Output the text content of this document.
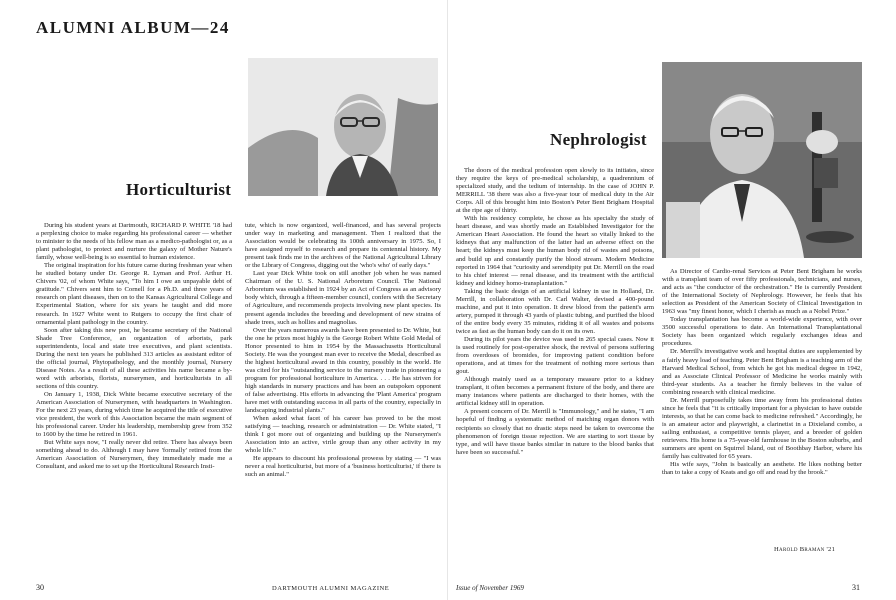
ALUMNI ALBUM—24
Horticulturist

During his student years at Dartmouth, RICHARD P. WHITE '18 had a perplexing choice to make regarding his professional career — whether to minister to the needs of his fellow man as a medico-pathologist or, as a plant pathologist, to protect and nurture the galaxy of Mother Nature's family, whose well-being is so essential to human existence.

The original inspiration for his future came during freshman year when he studied botany under Dr. George R. Lyman and Prof. Arthur H. Chivers '02, of whom White says, "To him I owe an unpayable debt of gratitude." Chivers sent him to Cornell for a Ph.D. and three years of research on plant diseases, then on to the Kansas Agricultural College and Experimental Station, where for six years he taught and did more research. In 1927 White went to Rutgers to occupy the first chair of ornamental plant pathology in the country.

Soon after taking this new post, he became secretary of the National Shade Tree Conference, an organization of arborists, park superintendents, local and state tree executives, and plant scientists. During the next ten years he published 313 articles as assistant editor of the official journal, Phytopathology, and the monthly journal, Nursery Disease Notes. As a result of all these activities his name became a by-word with arborists, florists, nurserymen, and horticulturists in all sections of this country.

On January 1, 1938, Dick White became executive secretary of the American Association of Nurserymen, with headquarters in Washington. For the next 23 years, during which time he acquired the title of executive vice president, the work of this Association became the main segment of his professional career. Under his leadership, membership grew from 352 to 1600 by the time he retired in 1961.

But White says now, "I really never did retire. There has always been something ahead to do. Although I may have 'formally' retired from the American Association of Nurserymen, they immediately made me a Consultant, and asked me to set up the Horticultural Research Insti-

tute, which is now organized, well-financed, and has several projects under way in marketing and management. Then I realized that the Association would be celebrating its 100th anniversary in 1975. So, I have assigned myself to research and prepare its centennial history. My present task finds me in the archives of the National Agricultural Library or the Library of Congress, digging out the 'who's who' of early days."

Last year Dick White took on still another job when he was named Chairman of the U. S. National Arboretum Council. The National Arboretum was established in 1924 by an Act of Congress as an advisory body which, through a fifteen-member council, confers with the Secretary of Agriculture, and recommends projects involving new plant species. Its present agenda includes the breeding and development of new strains of shade trees, such as hollies and magnolias.

Over the years numerous awards have been presented to Dr. White, but the one he prizes most highly is the George Robert White Gold Medal of Honor presented to him in 1954 by the Massachusetts Horticultural Society. He was the youngest man ever to receive the Medal, described as the highest horticultural award in this country, possibly in the world. He was cited for his "outstanding service to the nursery trade in pioneering a program for professional horticulture in America. . . . He has striven for high standards in nursery practices and has been an outspoken opponent of false advertising. His efforts in advancing the 'Plant America' program have met with outstanding success in all parts of the country, especially in landscaping industrial plants."

When asked what facet of his career has proved to be the most satisfying — teaching, research or administration — Dr. White stated, "I think I got more out of organizing and building up the Nurserymen's Association into an active, virile group than any other activity in my whole life."

He appears to discount his professional prowess by stating — "I was never a real horticulturist, but more of a 'business horticulturist,' if there is such an animal."

30	DARTMOUTH ALUMNI MAGAZINE
Nephrologist

The doors of the medical profession open slowly to its initiates, since they require the keys of pre-medical scholarship, a quadrennium of specialized study, and the tedium of internship. In the case of JOHN P. MERRILL '38 there was also a five-year tour of medical duty in the Air Corps. All of this brought him into Boston's Peter Bent Brigham Hospital at the ripe age of thirty.

With his residency complete, he chose as his specialty the study of heart disease, and was shortly made an Established Investigator for the American Heart Association. He found the heart so vitally linked to the kidneys that any malfunction of the latter had an adverse effect on the heart; the kidneys must keep the human body rid of wastes and poisons, and build up and constantly purify the blood stream. Modern Medicine reported in 1964 that "curiosity and serendipity put Dr. Merrill on the road to his chief interest — renal disease, and its treatment with the artificial kidney and kidney homo-transplantation."

Taking the basic design of an artificial kidney in use in Holland, Dr. Merrill, in collaboration with Dr. Carl Walter, devised a 400-pound machine, and put it into operation. It drew blood from the patient's arm artery, pumped it through 43 yards of plastic tubing, and purified the blood of the entire body every 35 minutes, ridding it of all wastes and poisons twice as fast as the human body can do it on its own.

During its pilot years the device was used in 265 special cases. Now it is used routinely for post-operative shock, the revival of persons suffering from overdoses of bromides, for improving patient condition before operations, and at times for the treatment of nothing more serious than gout.

Although mainly used as a temporary measure prior to a kidney transplant, it often becomes a permanent fixture of the body, and there are many instances where patients are discharged to their homes, with the artificial kidney still in operation.

A present concern of Dr. Merrill is "Immunology," and he states, "I am hopeful of finding a systematic method of matching organ donors with recipients so closely that no drastic steps need be taken to overcome the phenomenon of foreign tissue rejection. We are starting to sort tissue by type, and will have tissue banks similar in nature to the blood banks that have been so successful."

As Director of Cardio-renal Services at Peter Bent Brigham he works with a transplant team of over fifty professionals, technicians, and nurses, and acts as "the conductor of the orchestration." He is currently President of the International Society of Nephrology. However, he feels that his selection as President of the American Society of Clinical Investigation in 1963 was "my finest honor, which I cherish as much as a Nobel Prize."

Today transplantation has become a world-wide experience, with over 3500 successful operations to date. An International Transplantational Society has been organized which regularly exchanges ideas and procedures.

Dr. Merrill's investigative work and hospital duties are supplemented by a fairly heavy load of teaching. Peter Bent Brigham is a teaching arm of the Harvard Medical School, from which he got his medical degree in 1942, and as Associate Clinical Professor of Medicine he works mainly with third-year students. As a teacher he firmly believes in the value of combining research with clinical medicine.

Dr. Merrill purposefully takes time away from his professional duties since he feels that "it is critically important for a physician to have outside interests, so that he can come back to medicine refreshed." Accordingly, he is an amateur actor and playwright, a clarinetist in a Dixieland combo, a sailing enthusiast, a competitive tennis player, and a breeder of golden retrievers. His home is a 75-year-old farmhouse in the Boston suburbs, and summers are spent on Squirrel Island, out of Boothbay Harbor, where his family has cultivated for 65 years.

His wife says, "John is basically an aesthete. He likes nothing better than to take a copy of Keats and go off and read by the brook."

Harold Braman '21
Issue of November 1969	31
